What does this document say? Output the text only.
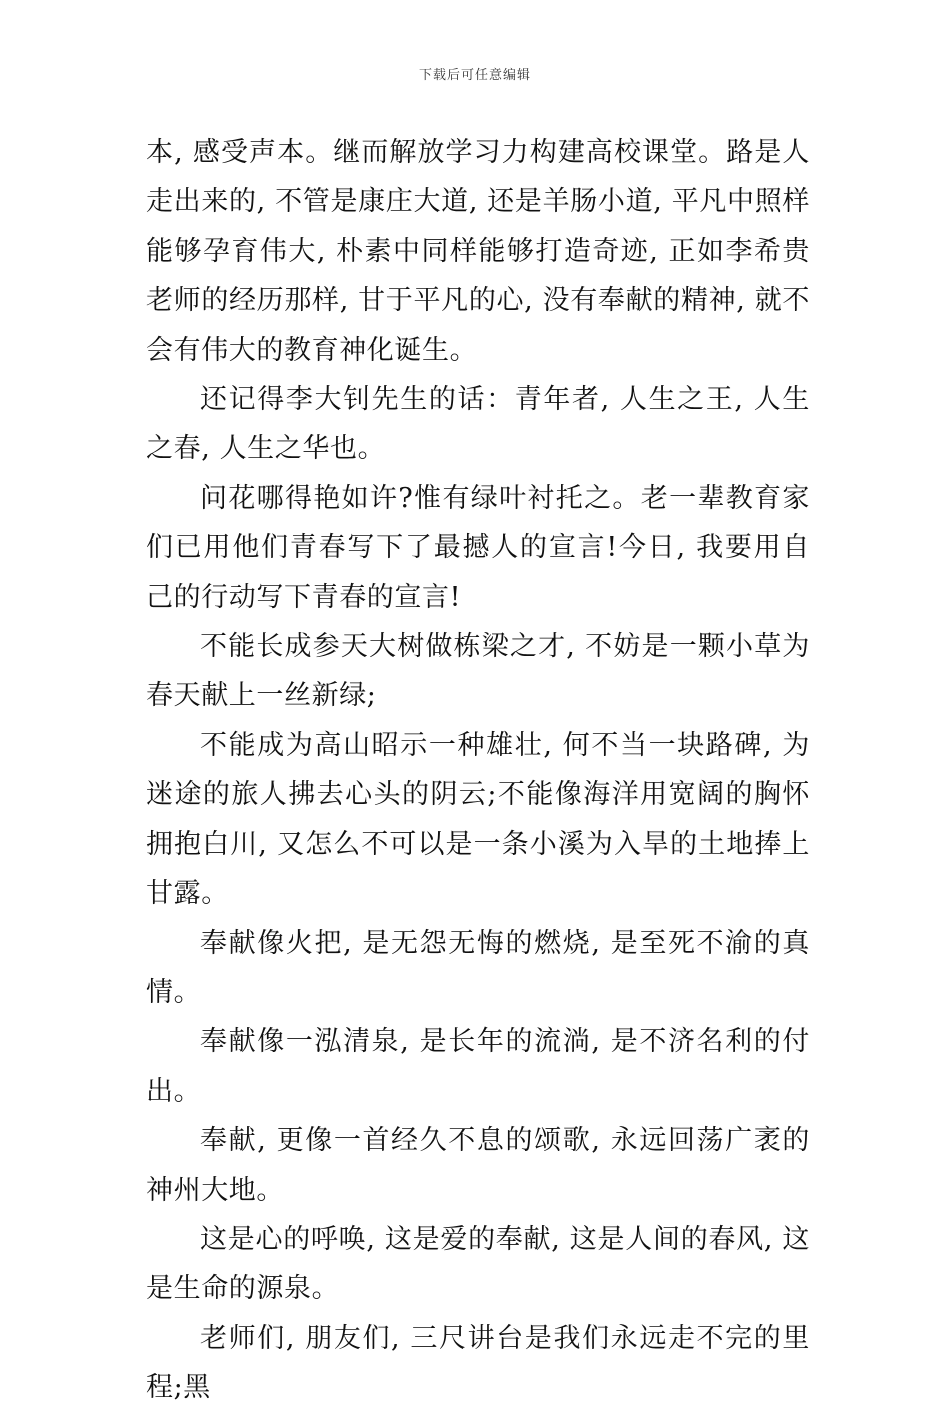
下载后可任意编辑

本, 感受声本。继而解放学习力构建高校课堂。路是人走出来的, 不管是康庄大道, 还是羊肠小道, 平凡中照样能够孕育伟大, 朴素中同样能够打造奇迹, 正如李希贵老师的经历那样, 甘于平凡的心, 没有奉献的精神, 就不会有伟大的教育神化诞生。

还记得李大钊先生的话：青年者, 人生之王, 人生之春, 人生之华也。

问花哪得艳如许?惟有绿叶衬托之。老一辈教育家们已用他们青春写下了最撼人的宣言!今日, 我要用自己的行动写下青春的宣言!

不能长成参天大树做栋梁之才, 不妨是一颗小草为春天献上一丝新绿;

不能成为高山昭示一种雄壮, 何不当一块路碑, 为迷途的旅人拂去心头的阴云;不能像海洋用宽阔的胸怀拥抱白川, 又怎么不可以是一条小溪为入旱的土地捧上甘露。

奉献像火把, 是无怨无悔的燃烧, 是至死不渝的真情。

奉献像一泓清泉, 是长年的流淌, 是不济名利的付出。

奉献, 更像一首经久不息的颂歌, 永远回荡广袤的神州大地。

这是心的呼唤, 这是爱的奉献, 这是人间的春风, 这是生命的源泉。

老师们, 朋友们, 三尺讲台是我们永远走不完的里程;黑
